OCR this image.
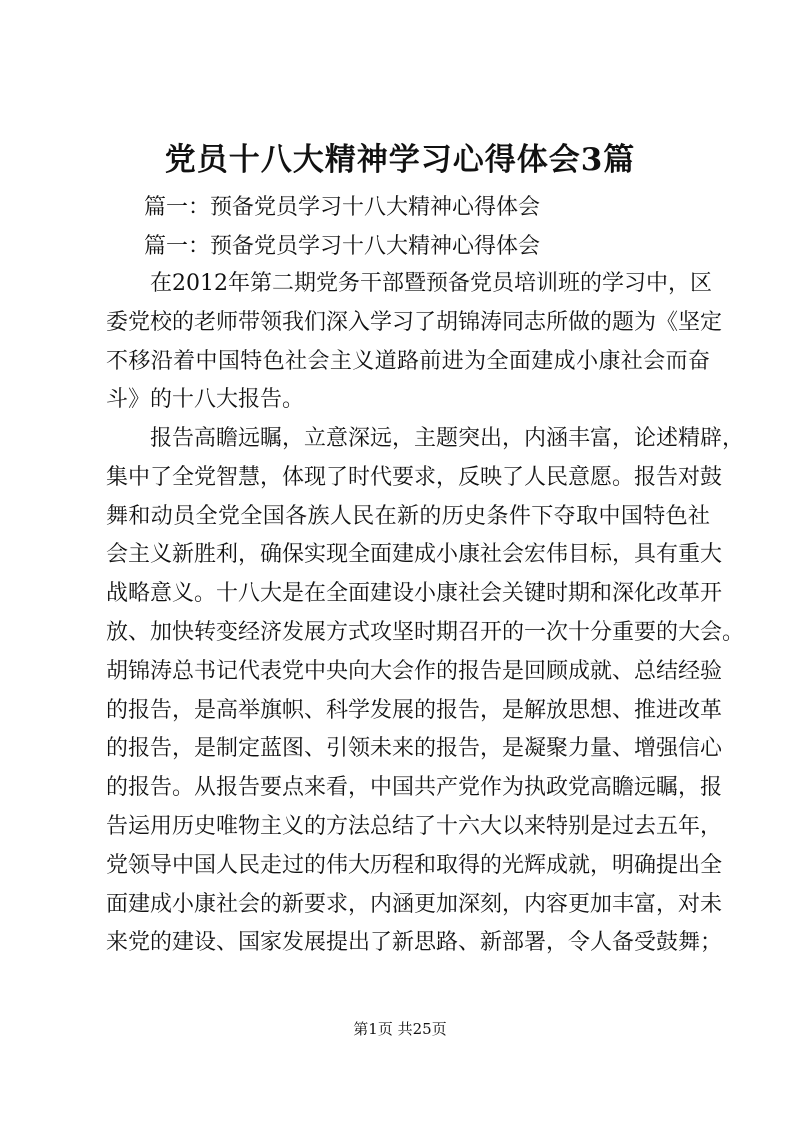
党员十八大精神学习心得体会3篇

篇一：预备党员学习十八大精神心得体会

篇一：预备党员学习十八大精神心得体会

在2012年第二期党务干部暨预备党员培训班的学习中，区
委党校的老师带领我们深入学习了胡锦涛同志所做的题为《坚定
不移沿着中国特色社会主义道路前进为全面建成小康社会而奋
斗》的十八大报告。
报告高瞻远瞩，立意深远，主题突出，内涵丰富，论述精辟，
集中了全党智慧，体现了时代要求，反映了人民意愿。报告对鼓
舞和动员全党全国各族人民在新的历史条件下夺取中国特色社
会主义新胜利，确保实现全面建成小康社会宏伟目标，具有重大
战略意义。十八大是在全面建设小康社会关键时期和深化改革开
放、加快转变经济发展方式攻坚时期召开的一次十分重要的大会。
胡锦涛总书记代表党中央向大会作的报告是回顾成就、总结经验
的报告，是高举旗帜、科学发展的报告，是解放思想、推进改革
的报告，是制定蓝图、引领未来的报告，是凝聚力量、增强信心
的报告。从报告要点来看，中国共产党作为执政党高瞻远瞩，报
告运用历史唯物主义的方法总结了十六大以来特别是过去五年，
党领导中国人民走过的伟大历程和取得的光辉成就，明确提出全
面建成小康社会的新要求，内涵更加深刻，内容更加丰富，对未
来党的建设、国家发展提出了新思路、新部署，令人备受鼓舞；

第1页 共25页
